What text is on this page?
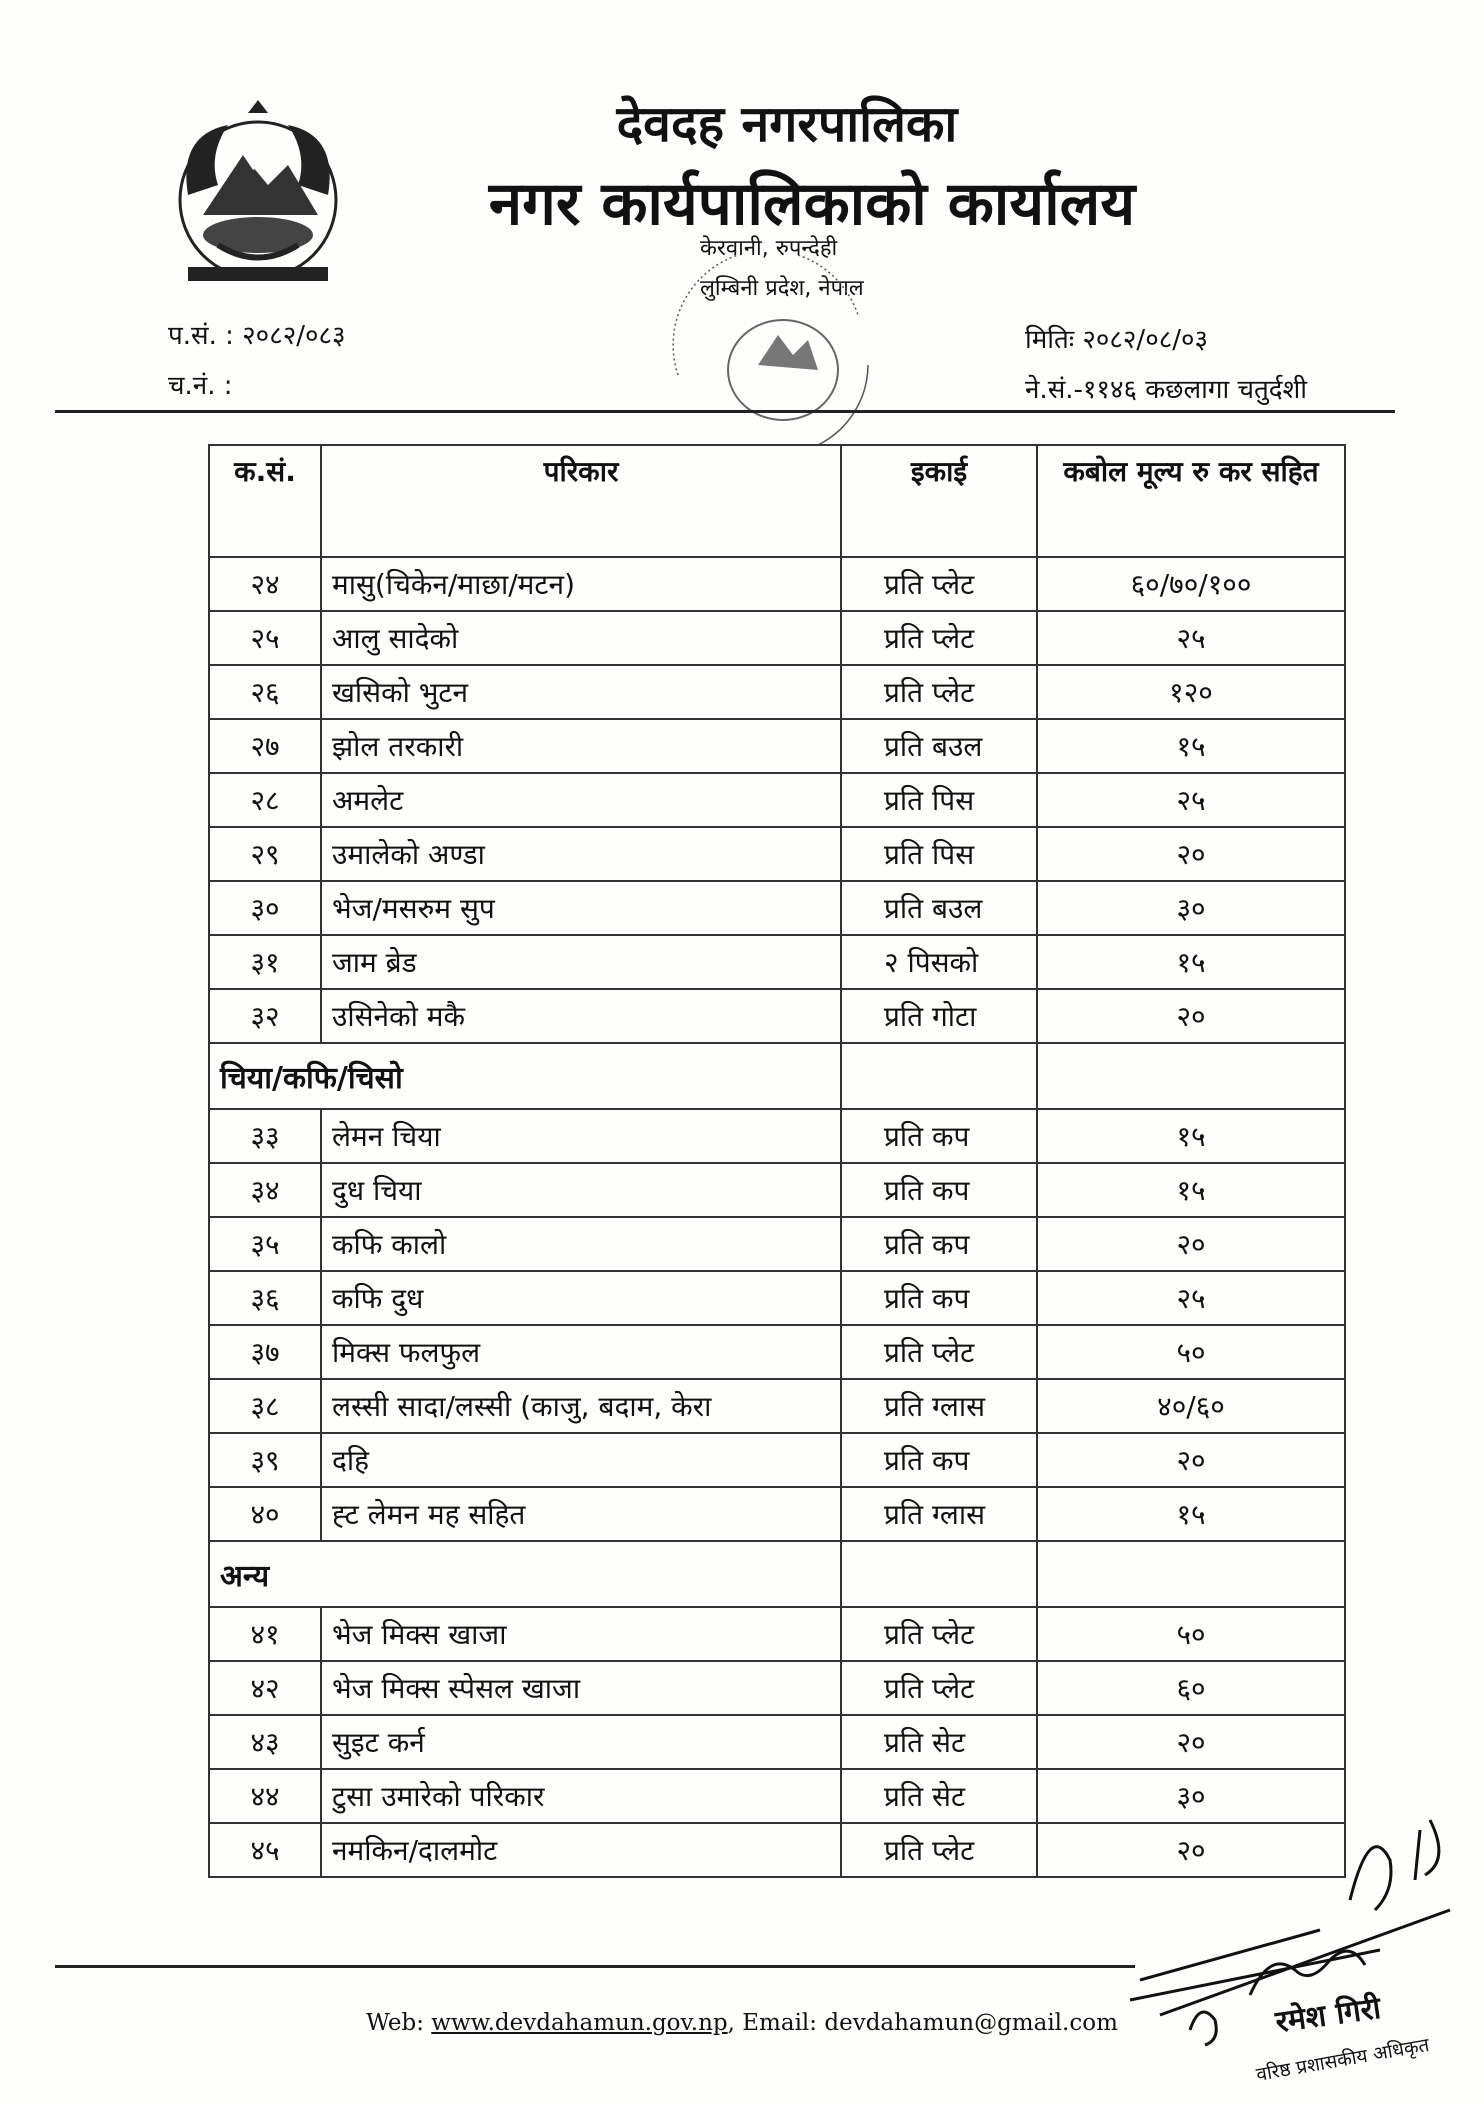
देवदह नगरपालिका
नगर कार्यपालिकाको कार्यालय
केरवानी, रुपन्देही
लुम्बिनी प्रदेश, नेपाल
प.सं. : २०८२/०८३
च.नं. :
मितिः २०८२/०८/०३
ने.सं.-११४६ कछलागा चतुर्दशी
क.सं.	परिकार	इकाई	कबोल मूल्य रु कर सहित
२४	मासु(चिकेन/माछा/मटन)	प्रति प्लेट	६०/७०/१००
२५	आलु सादेको	प्रति प्लेट	२५
२६	खसिको भुटन	प्रति प्लेट	१२०
२७	झोल तरकारी	प्रति बउल	१५
२८	अमलेट	प्रति पिस	२५
२९	उमालेको अण्डा	प्रति पिस	२०
३०	भेज/मसरुम सुप	प्रति बउल	३०
३१	जाम ब्रेड	२ पिसको	१५
३२	उसिनेको मकै	प्रति गोटा	२०
चिया/कफि/चिसो			
३३	लेमन चिया	प्रति कप	१५
३४	दुध चिया	प्रति कप	१५
३५	कफि कालो	प्रति कप	२०
३६	कफि दुध	प्रति कप	२५
३७	मिक्स फलफुल	प्रति प्लेट	५०
३८	लस्सी सादा/लस्सी (काजु, बदाम, केरा	प्रति ग्लास	४०/६०
३९	दहि	प्रति कप	२०
४०	ह्ट लेमन मह सहित	प्रति ग्लास	१५
अन्य			
४१	भेज मिक्स खाजा	प्रति प्लेट	५०
४२	भेज मिक्स स्पेसल खाजा	प्रति प्लेट	६०
४३	सुइट कर्न	प्रति सेट	२०
४४	टुसा उमारेको परिकार	प्रति सेट	३०
४५	नमकिन/दालमोट	प्रति प्लेट	२०
Web: www.devdahamun.gov.np, Email: devdahamun@gmail.com	रमेश गिरी
वरिष्ठ प्रशासकीय अधिकृत
